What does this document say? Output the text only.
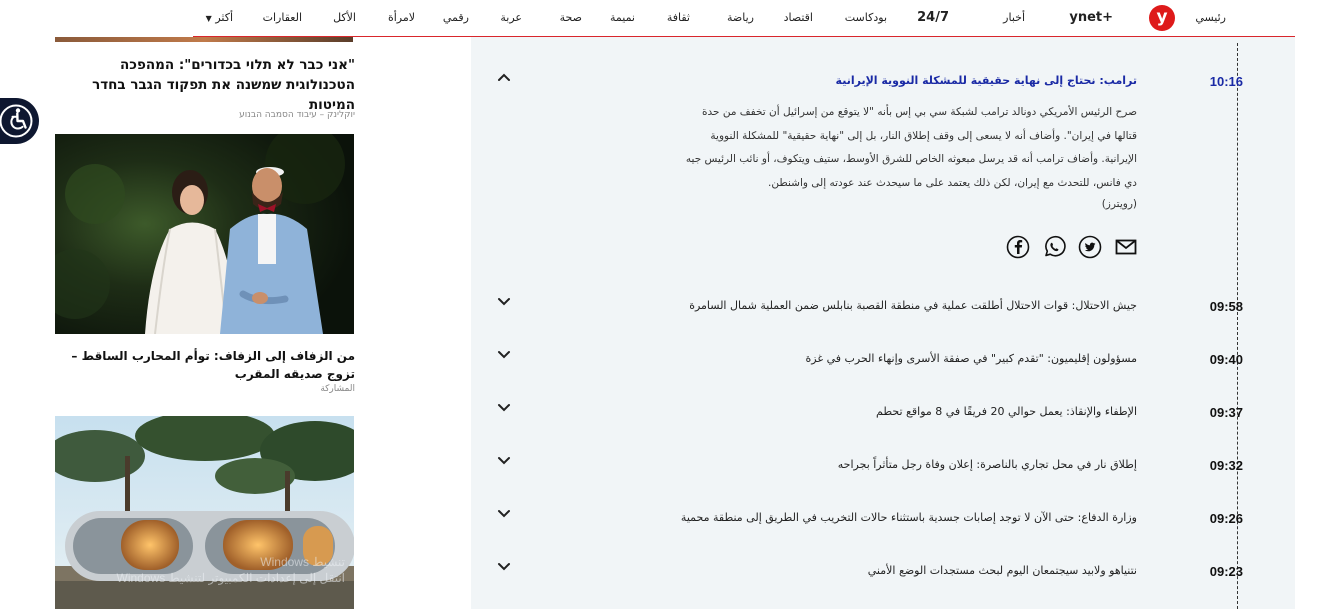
y	رئيسي
ynet+
أخبار
24/7
بودكاست
اقتصاد
رياضة
ثقافة
نميمة
صحة
عربة
رقمي
لامرأة
الأكل
العقارات
▼ أكثر
"אני כבר לא תלוי בכדורים": המהפכה הטכנולוגית שמשנה את תפקוד הגבר בחדר המיטות
יוקלינק – עיבוד הסמבה הבנוע
من الزفاف إلى الزفاف: توأم المحارب الساقط – تزوج صديقه المقرب
المشاركة
Windows تنشيط
Windows انتقل إلى إعدادات الكمبيوتر لتنشيط
10:16
ترامب: نحتاج إلى نهاية حقيقية للمشكلة النووية الإيرانية
صرح الرئيس الأمريكي دونالد ترامب لشبكة سي بي إس بأنه "لا يتوقع من إسرائيل أن تخفف من حدة قتالها في إيران". وأضاف أنه لا يسعى إلى وقف إطلاق النار، بل إلى "نهاية حقيقية" للمشكلة النووية الإيرانية. وأضاف ترامب أنه قد يرسل مبعوثه الخاص للشرق الأوسط، ستيف ويتكوف، أو نائب الرئيس جيه دي فانس، للتحدث مع إيران، لكن ذلك يعتمد على ما سيحدث عند عودته إلى واشنطن.
(رويترز)
09:58
جيش الاحتلال: قوات الاحتلال أطلقت عملية في منطقة القصبة بنابلس ضمن العملية شمال السامرة
09:40
مسؤولون إقليميون: "تقدم كبير" في صفقة الأسرى وإنهاء الحرب في غزة
09:37
الإطفاء والإنقاذ: يعمل حوالي 20 فريقًا في 8 مواقع تحطم
09:32
إطلاق نار في محل تجاري بالناصرة: إعلان وفاة رجل متأثراً بجراحه
09:26
وزارة الدفاع: حتى الآن لا توجد إصابات جسدية باستثناء حالات التخريب في الطريق إلى منطقة محمية
09:23
نتنياهو ولابيد سيجتمعان اليوم لبحث مستجدات الوضع الأمني
